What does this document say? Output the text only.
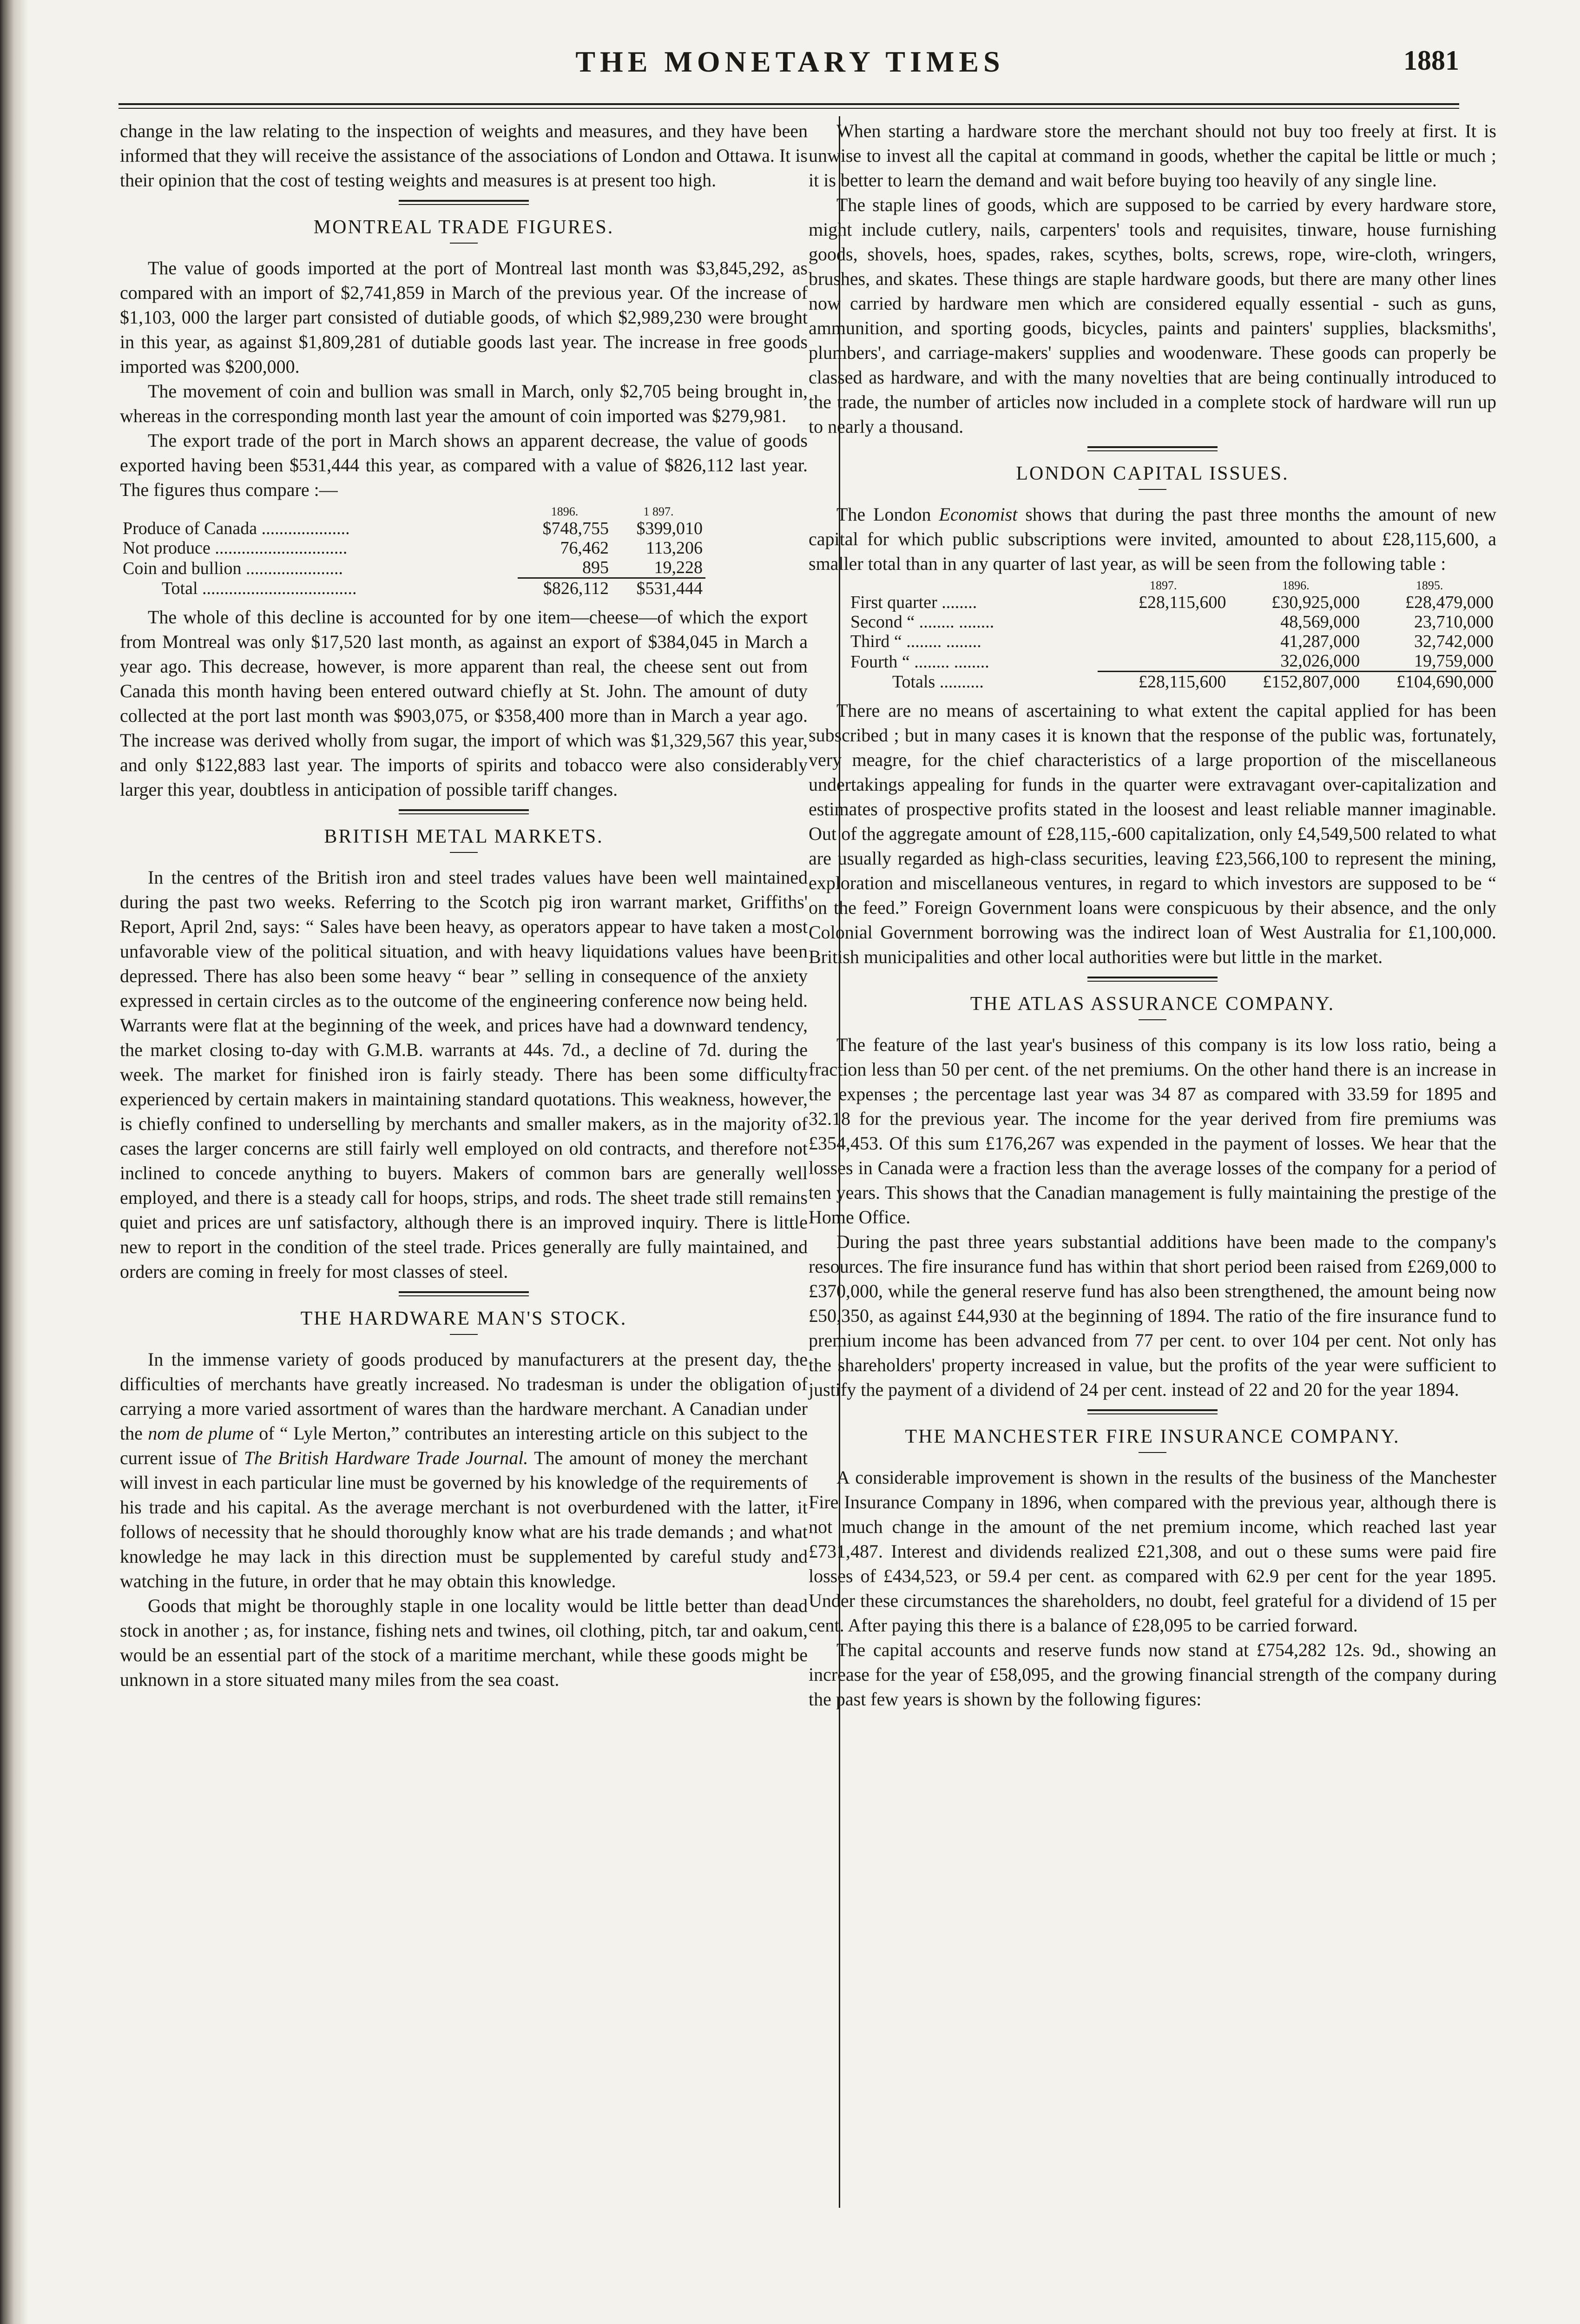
THE MONETARY TIMES	1881

change in the law relating to the inspection of weights and measures, and they have been informed that they will receive the assistance of the associations of London and Ottawa. It is their opinion that the cost of testing weights and measures is at present too high.

MONTREAL TRADE FIGURES.

The value of goods imported at the port of Montreal last month was $3,845,292, as compared with an import of $2,741,859 in March of the previous year. Of the increase of $1,103, 000 the larger part consisted of dutiable goods, of which $2,989,230 were brought in this year, as against $1,809,281 of dutiable goods last year. The increase in free goods imported was $200,000.

The movement of coin and bullion was small in March, only $2,705 being brought in, whereas in the corresponding month last year the amount of coin imported was $279,981.

The export trade of the port in March shows an apparent decrease, the value of goods exported having been $531,444 this year, as compared with a value of $826,112 last year. The figures thus compare :—

	1896.	1 897.
Produce of Canada ....................	$748,755	$399,010
Not produce ..............................	76,462	113,206
Coin and bullion ......................	895	19,228
Total ...................................	$826,112	$531,444

The whole of this decline is accounted for by one item—cheese—of which the export from Montreal was only $17,520 last month, as against an export of $384,045 in March a year ago. This decrease, however, is more apparent than real, the cheese sent out from Canada this month having been entered outward chiefly at St. John. The amount of duty collected at the port last month was $903,075, or $358,400 more than in March a year ago. The increase was derived wholly from sugar, the import of which was $1,329,567 this year, and only $122,883 last year. The imports of spirits and tobacco were also considerably larger this year, doubtless in anticipation of possible tariff changes.

BRITISH METAL MARKETS.

In the centres of the British iron and steel trades values have been well maintained during the past two weeks. Referring to the Scotch pig iron warrant market, Griffiths' Report, April 2nd, says: “ Sales have been heavy, as operators appear to have taken a most unfavorable view of the political situation, and with heavy liquidations values have been depressed. There has also been some heavy “ bear ” selling in consequence of the anxiety expressed in certain circles as to the outcome of the engineering conference now being held. Warrants were flat at the beginning of the week, and prices have had a downward tendency, the market closing to-day with G.M.B. warrants at 44s. 7d., a decline of 7d. during the week. The market for finished iron is fairly steady. There has been some difficulty experienced by certain makers in maintaining standard quotations. This weakness, however, is chiefly confined to underselling by merchants and smaller makers, as in the majority of cases the larger concerns are still fairly well employed on old contracts, and therefore not inclined to concede anything to buyers. Makers of common bars are generally well employed, and there is a steady call for hoops, strips, and rods. The sheet trade still remains quiet and prices are unf satisfactory, although there is an improved inquiry. There is little new to report in the condition of the steel trade. Prices generally are fully maintained, and orders are coming in freely for most classes of steel.

THE HARDWARE MAN'S STOCK.

In the immense variety of goods produced by manufacturers at the present day, the difficulties of merchants have greatly increased. No tradesman is under the obligation of carrying a more varied assortment of wares than the hardware merchant. A Canadian under the nom de plume of “ Lyle Merton,” contributes an interesting article on this subject to the current issue of The British Hardware Trade Journal. The amount of money the merchant will invest in each particular line must be governed by his knowledge of the requirements of his trade and his capital. As the average merchant is not overburdened with the latter, it follows of necessity that he should thoroughly know what are his trade demands ; and what knowledge he may lack in this direction must be supplemented by careful study and watching in the future, in order that he may obtain this knowledge.

Goods that might be thoroughly staple in one locality would be little better than dead stock in another ; as, for instance, fishing nets and twines, oil clothing, pitch, tar and oakum, would be an essential part of the stock of a maritime merchant, while these goods might be unknown in a store situated many miles from the sea coast.

When starting a hardware store the merchant should not buy too freely at first. It is unwise to invest all the capital at command in goods, whether the capital be little or much ; it is better to learn the demand and wait before buying too heavily of any single line.

The staple lines of goods, which are supposed to be carried by every hardware store, might include cutlery, nails, carpenters' tools and requisites, tinware, house furnishing goods, shovels, hoes, spades, rakes, scythes, bolts, screws, rope, wire-cloth, wringers, brushes, and skates. These things are staple hardware goods, but there are many other lines now carried by hardware men which are considered equally essential - such as guns, ammunition, and sporting goods, bicycles, paints and painters' supplies, blacksmiths', plumbers', and carriage-makers' supplies and woodenware. These goods can properly be classed as hardware, and with the many novelties that are being continually introduced to the trade, the number of articles now included in a complete stock of hardware will run up to nearly a thousand.

LONDON CAPITAL ISSUES.

The London Economist shows that during the past three months the amount of new capital for which public subscriptions were invited, amounted to about £28,115,600, a smaller total than in any quarter of last year, as will be seen from the following table :

	1897.	1896.	1895.
First quarter ........	£28,115,600	£30,925,000	£28,479,000
Second “ ........ ........		48,569,000	23,710,000
Third “ ........ ........		41,287,000	32,742,000
Fourth “ ........ ........		32,026,000	19,759,000
Totals ..........	£28,115,600	£152,807,000	£104,690,000

There are no means of ascertaining to what extent the capital applied for has been subscribed ; but in many cases it is known that the response of the public was, fortunately, very meagre, for the chief characteristics of a large proportion of the miscellaneous undertakings appealing for funds in the quarter were extravagant over-capitalization and estimates of prospective profits stated in the loosest and least reliable manner imaginable. Out of the aggregate amount of £28,115,-600 capitalization, only £4,549,500 related to what are usually regarded as high-class securities, leaving £23,566,100 to represent the mining, exploration and miscellaneous ventures, in regard to which investors are supposed to be “ on the feed.” Foreign Government loans were conspicuous by their absence, and the only Colonial Government borrowing was the indirect loan of West Australia for £1,100,000. British municipalities and other local authorities were but little in the market.

THE ATLAS ASSURANCE COMPANY.

The feature of the last year's business of this company is its low loss ratio, being a fraction less than 50 per cent. of the net premiums. On the other hand there is an increase in the expenses ; the percentage last year was 34 87 as compared with 33.59 for 1895 and 32.18 for the previous year. The income for the year derived from fire premiums was £354,453. Of this sum £176,267 was expended in the payment of losses. We hear that the losses in Canada were a fraction less than the average losses of the company for a period of ten years. This shows that the Canadian management is fully maintaining the prestige of the Home Office.

During the past three years substantial additions have been made to the company's resources. The fire insurance fund has within that short period been raised from £269,000 to £370,000, while the general reserve fund has also been strengthened, the amount being now £50,350, as against £44,930 at the beginning of 1894. The ratio of the fire insurance fund to premium income has been advanced from 77 per cent. to over 104 per cent. Not only has the shareholders' property increased in value, but the profits of the year were sufficient to justify the payment of a dividend of 24 per cent. instead of 22 and 20 for the year 1894.

THE MANCHESTER FIRE INSURANCE COMPANY.

A considerable improvement is shown in the results of the business of the Manchester Fire Insurance Company in 1896, when compared with the previous year, although there is not much change in the amount of the net premium income, which reached last year £731,487. Interest and dividends realized £21,308, and out o these sums were paid fire losses of £434,523, or 59.4 per cent. as compared with 62.9 per cent for the year 1895. Under these circumstances the shareholders, no doubt, feel grateful for a dividend of 15 per cent. After paying this there is a balance of £28,095 to be carried forward.

The capital accounts and reserve funds now stand at £754,282 12s. 9d., showing an increase for the year of £58,095, and the growing financial strength of the company during the past few years is shown by the following figures:
